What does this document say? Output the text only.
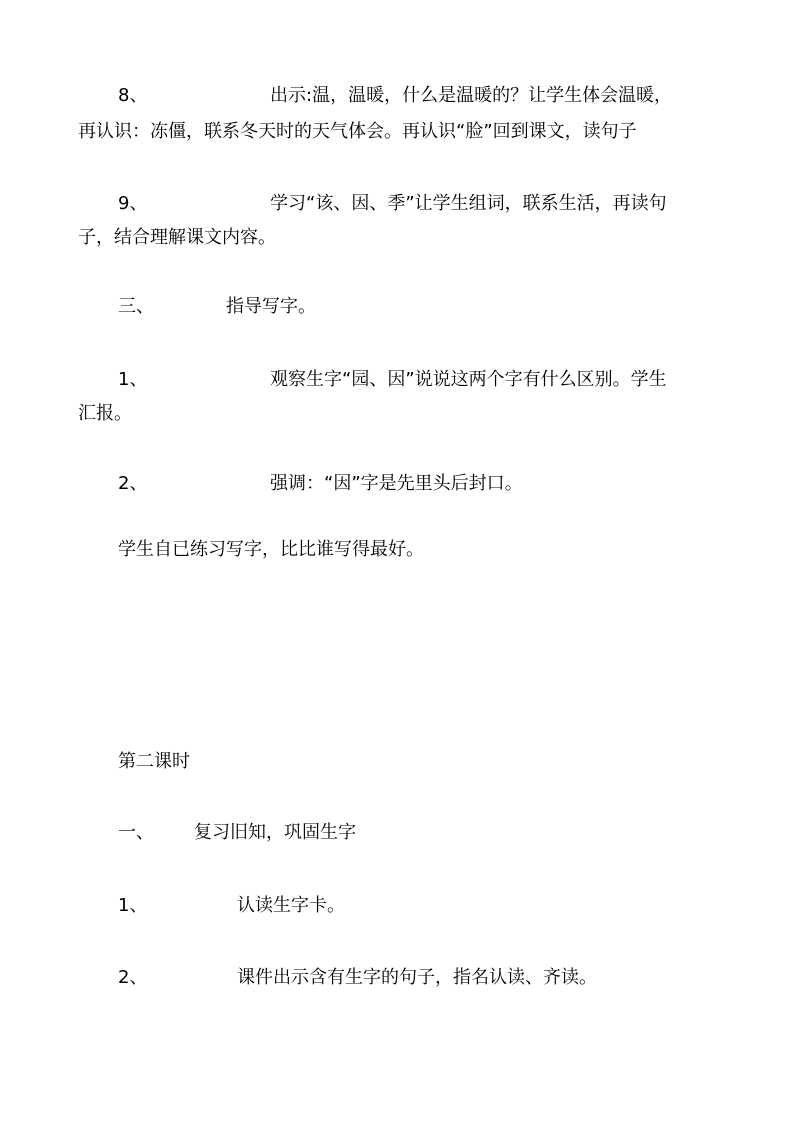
8、	出示:温，温暖，什么是温暖的？让学生体会温暖，
再认识：冻僵，联系冬天时的天气体会。再认识“脸”回到课文，读句子
9、	学习“该、因、季”让学生组词，联系生活，再读句
子，结合理解课文内容。
三、	指导写字。
1、	观察生字“园、因”说说这两个字有什么区别。学生
汇报。
2、	强调：“因”字是先里头后封口。
学生自已练习写字，比比谁写得最好。
第二课时
一、 复习旧知，巩固生字
1、	认读生字卡。
2、	课件出示含有生字的句子，指名认读、齐读。
